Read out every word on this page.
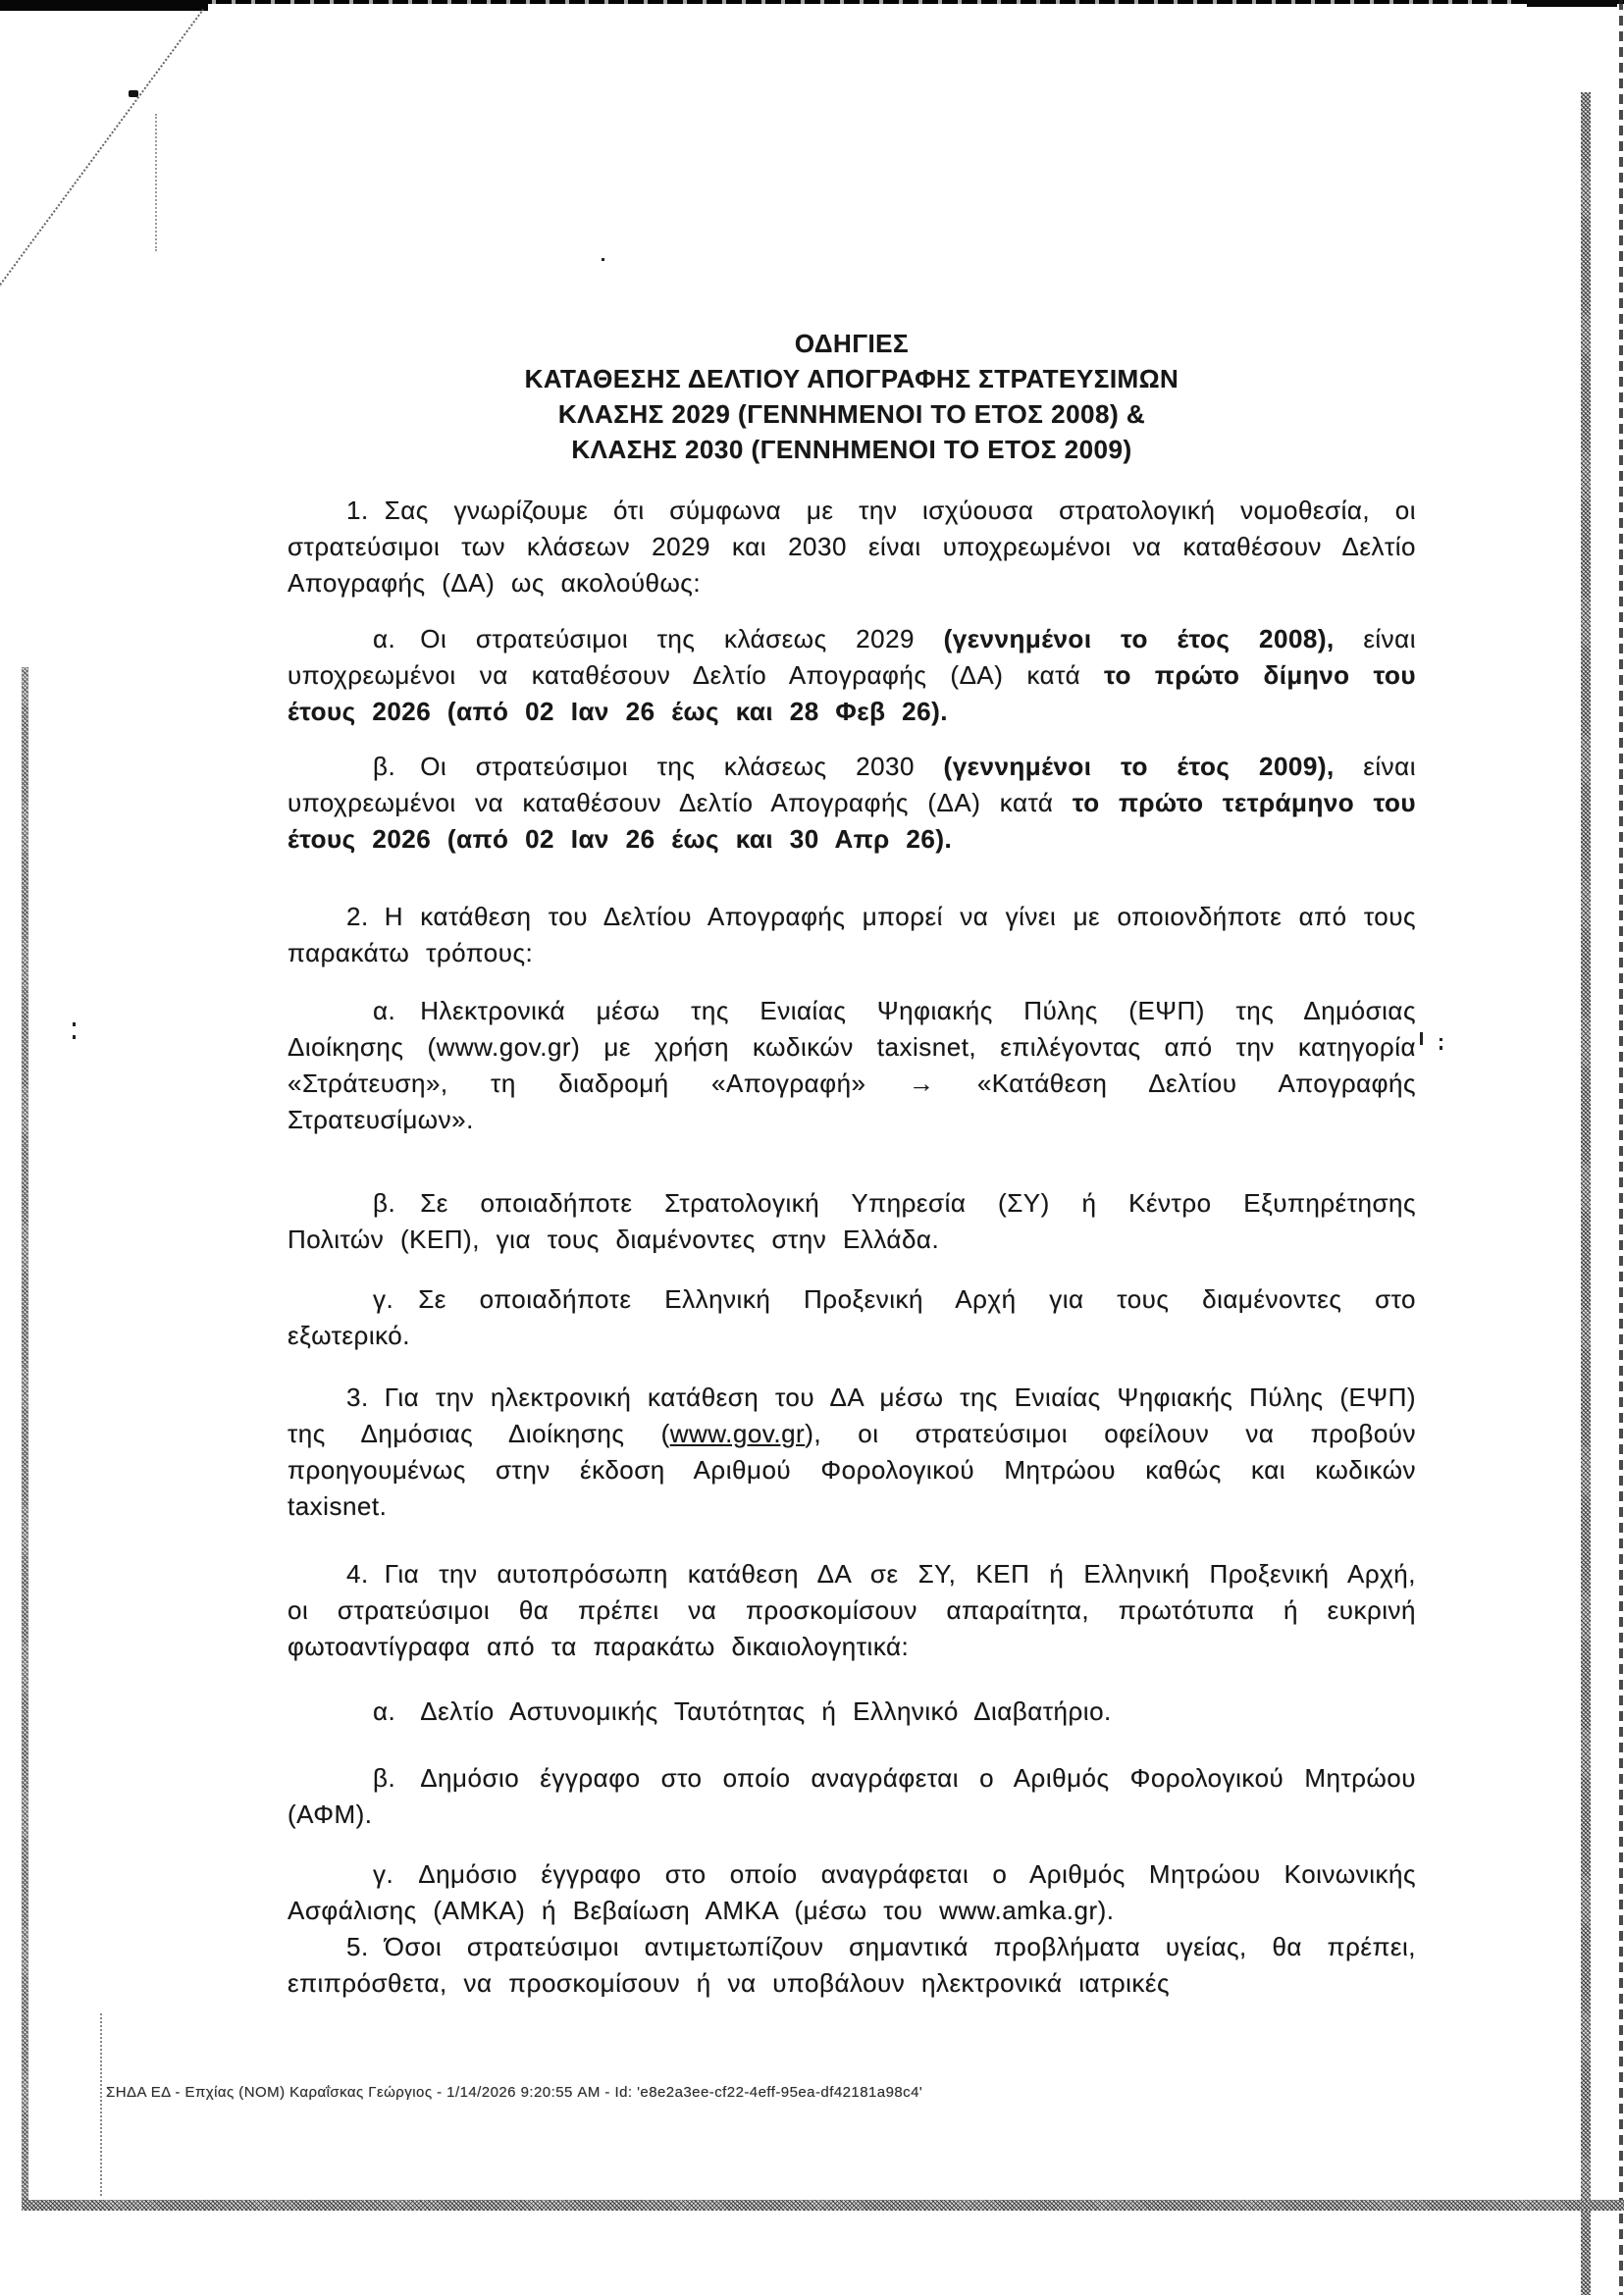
ΟΔΗΓΙΕΣ
ΚΑΤΑΘΕΣΗΣ ΔΕΛΤΙΟΥ ΑΠΟΓΡΑΦΗΣ ΣΤΡΑΤΕΥΣΙΜΩΝ
ΚΛΑΣΗΣ 2029 (ΓΕΝΝΗΜΕΝΟΙ ΤΟ ΕΤΟΣ 2008) &
ΚΛΑΣΗΣ 2030 (ΓΕΝΝΗΜΕΝΟΙ ΤΟ ΕΤΟΣ 2009)

1. Σας γνωρίζουμε ότι σύμφωνα με την ισχύουσα στρατολογική νομοθεσία, οι στρατεύσιμοι των κλάσεων 2029 και 2030 είναι υποχρεωμένοι να καταθέσουν Δελτίο Απογραφής (ΔΑ) ως ακολούθως:

α. Οι στρατεύσιμοι της κλάσεως 2029 (γεννημένοι το έτος 2008), είναι υποχρεωμένοι να καταθέσουν Δελτίο Απογραφής (ΔΑ) κατά το πρώτο δίμηνο του έτους 2026 (από 02 Ιαν 26 έως και 28 Φεβ 26).

β. Οι στρατεύσιμοι της κλάσεως 2030 (γεννημένοι το έτος 2009), είναι υποχρεωμένοι να καταθέσουν Δελτίο Απογραφής (ΔΑ) κατά το πρώτο τετράμηνο του έτους 2026 (από 02 Ιαν 26 έως και 30 Απρ 26).

2. Η κατάθεση του Δελτίου Απογραφής μπορεί να γίνει με οποιονδήποτε από τους παρακάτω τρόπους:

α. Ηλεκτρονικά μέσω της Ενιαίας Ψηφιακής Πύλης (ΕΨΠ) της Δημόσιας Διοίκησης (www.gov.gr) με χρήση κωδικών taxisnet, επιλέγοντας από την κατηγορία «Στράτευση», τη διαδρομή «Απογραφή» → «Κατάθεση Δελτίου Απογραφής Στρατευσίμων».

β. Σε οποιαδήποτε Στρατολογική Υπηρεσία (ΣΥ) ή Κέντρο Εξυπηρέτησης Πολιτών (ΚΕΠ), για τους διαμένοντες στην Ελλάδα.

γ. Σε οποιαδήποτε Ελληνική Προξενική Αρχή για τους διαμένοντες στο εξωτερικό.

3. Για την ηλεκτρονική κατάθεση του ΔΑ μέσω της Ενιαίας Ψηφιακής Πύλης (ΕΨΠ) της Δημόσιας Διοίκησης (www.gov.gr), οι στρατεύσιμοι οφείλουν να προβούν προηγουμένως στην έκδοση Αριθμού Φορολογικού Μητρώου καθώς και κωδικών taxisnet.

4. Για την αυτοπρόσωπη κατάθεση ΔΑ σε ΣΥ, ΚΕΠ ή Ελληνική Προξενική Αρχή, οι στρατεύσιμοι θα πρέπει να προσκομίσουν απαραίτητα, πρωτότυπα ή ευκρινή φωτοαντίγραφα από τα παρακάτω δικαιολογητικά:

α. Δελτίο Αστυνομικής Ταυτότητας ή Ελληνικό Διαβατήριο.

β. Δημόσιο έγγραφο στο οποίο αναγράφεται ο Αριθμός Φορολογικού Μητρώου (ΑΦΜ).

γ. Δημόσιο έγγραφο στο οποίο αναγράφεται ο Αριθμός Μητρώου Κοινωνικής Ασφάλισης (ΑΜΚΑ) ή Βεβαίωση ΑΜΚΑ (μέσω του www.amka.gr).

5. Όσοι στρατεύσιμοι αντιμετωπίζουν σημαντικά προβλήματα υγείας, θα πρέπει, επιπρόσθετα, να προσκομίσουν ή να υποβάλουν ηλεκτρονικά ιατρικές

ΣΗΔΑ ΕΔ - Επχίας (ΝΟΜ) Καραΐσκας Γεώργιος - 1/14/2026 9:20:55 AM - Id: 'e8e2a3ee-cf22-4eff-95ea-df42181a98c4'
